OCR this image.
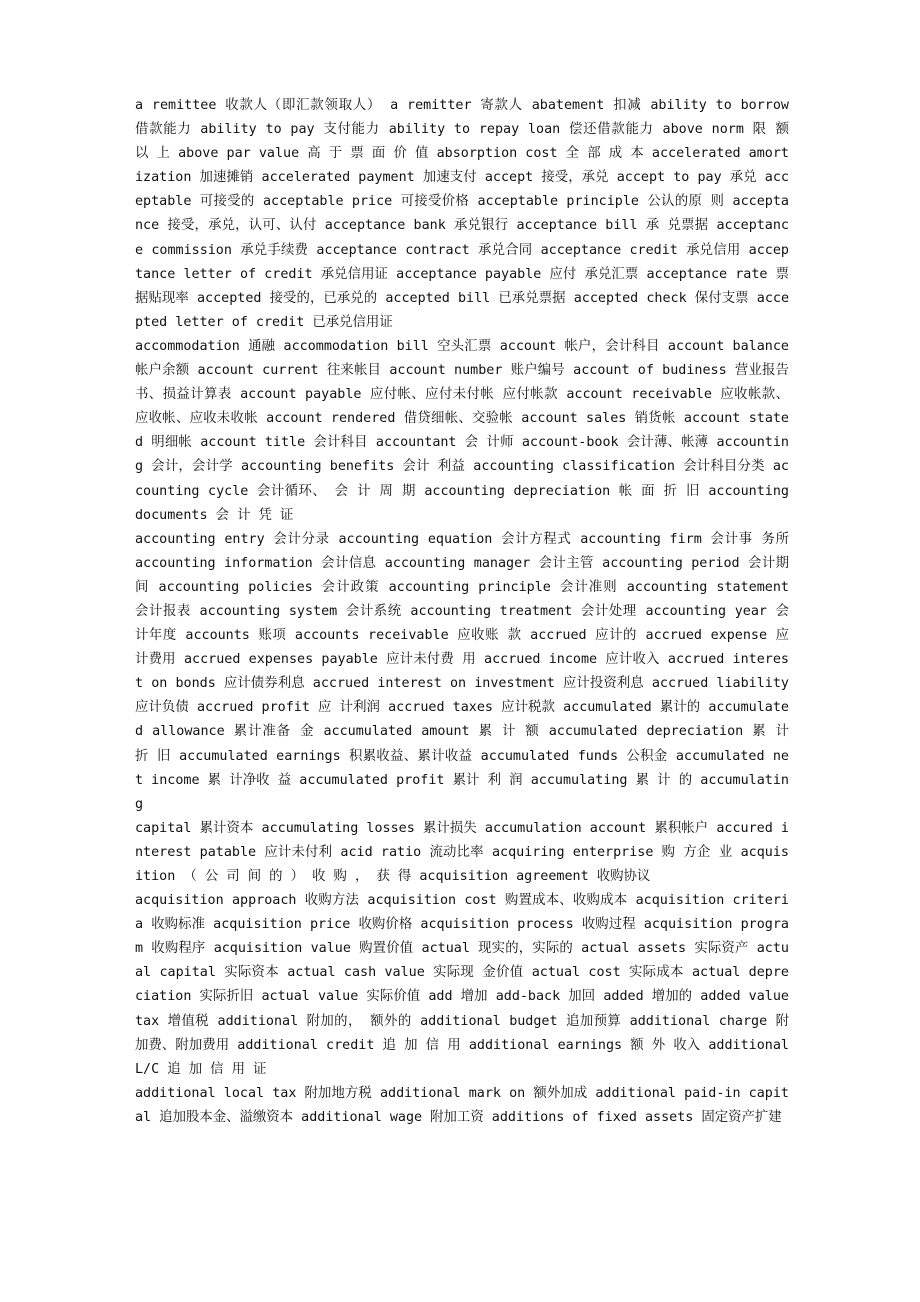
a remittee 收款人（即汇款领取人） a remitter 寄款人 abatement 扣减 ability to borrow 借款能力 ability to pay 支付能力 ability to repay loan 偿还借款能力 above norm 限 额 以 上 above par value 高 于 票 面 价 值 absorption cost 全 部 成 本 accelerated amortization 加速摊销 accelerated payment 加速支付 accept 接受，承兑 accept to pay 承兑 acceptable 可接受的 acceptable price 可接受价格 acceptable principle 公认的原 则 acceptance 接受，承兑，认可、认付 acceptance bank 承兑银行 acceptance bill 承 兑票据 acceptance commission 承兑手续费 acceptance contract 承兑合同 acceptance credit 承兑信用 acceptance letter of credit 承兑信用证 acceptance payable 应付 承兑汇票 acceptance rate 票据贴现率 accepted 接受的，已承兑的 accepted bill 已承兑票据 accepted check 保付支票 accepted letter of credit 已承兑信用证

accommodation 通融 accommodation bill 空头汇票 account 帐户，会计科目 account balance 帐户余额 account current 往来帐目 account number 账户编号 account of budiness 营业报告书、损益计算表 account payable 应付帐、应付未付帐 应付帐款 account receivable 应收帐款、应收帐、应收未收帐 account rendered 借贷细帐、交验帐 account sales 销货帐 account stated 明细帐 account title 会计科目 accountant 会 计师 account-book 会计薄、帐薄 accounting 会计，会计学 accounting benefits 会计 利益 accounting classification 会计科目分类 accounting cycle 会计循环、 会 计 周 期 accounting depreciation 帐 面 折 旧 accounting documents 会 计 凭 证

accounting entry 会计分录 accounting equation 会计方程式 accounting firm 会计事 务所 accounting information 会计信息 accounting manager 会计主管 accounting period 会计期间 accounting policies 会计政策 accounting principle 会计准则 accounting statement 会计报表 accounting system 会计系统 accounting treatment 会计处理 accounting year 会计年度 accounts 账项 accounts receivable 应收账 款 accrued 应计的 accrued expense 应计费用 accrued expenses payable 应计未付费 用 accrued income 应计收入 accrued interest on bonds 应计债券利息 accrued interest on investment 应计投资利息 accrued liability 应计负债 accrued profit 应 计利润 accrued taxes 应计税款 accumulated 累计的 accumulated allowance 累计准备 金 accumulated amount 累 计 额 accumulated depreciation 累 计 折 旧 accumulated earnings 积累收益、累计收益 accumulated funds 公积金 accumulated net income 累 计净收 益 accumulated profit 累计 利 润 accumulating 累 计 的 accumulating

capital 累计资本 accumulating losses 累计损失 accumulation account 累积帐户 accured interest patable 应计未付利 acid ratio 流动比率 acquiring enterprise 购 方企 业 acquisition （ 公 司 间 的 ） 收 购 ， 获 得 acquisition agreement 收购协议

acquisition approach 收购方法 acquisition cost 购置成本、收购成本 acquisition criteria 收购标准 acquisition price 收购价格 acquisition process 收购过程 acquisition program 收购程序 acquisition value 购置价值 actual 现实的，实际的 actual assets 实际资产 actual capital 实际资本 actual cash value 实际现 金价值 actual cost 实际成本 actual depreciation 实际折旧 actual value 实际价值 add 增加 add-back 加回 added 增加的 added value tax 增值税 additional 附加的， 额外的 additional budget 追加预算 additional charge 附加费、附加费用 additional credit 追 加 信 用 additional earnings 额 外 收入 additional L/C 追 加 信 用 证

additional local tax 附加地方税 additional mark on 额外加成 additional paid-in capital 追加股本金、溢缴资本 additional wage 附加工资 additions of fixed assets 固定资产扩建
